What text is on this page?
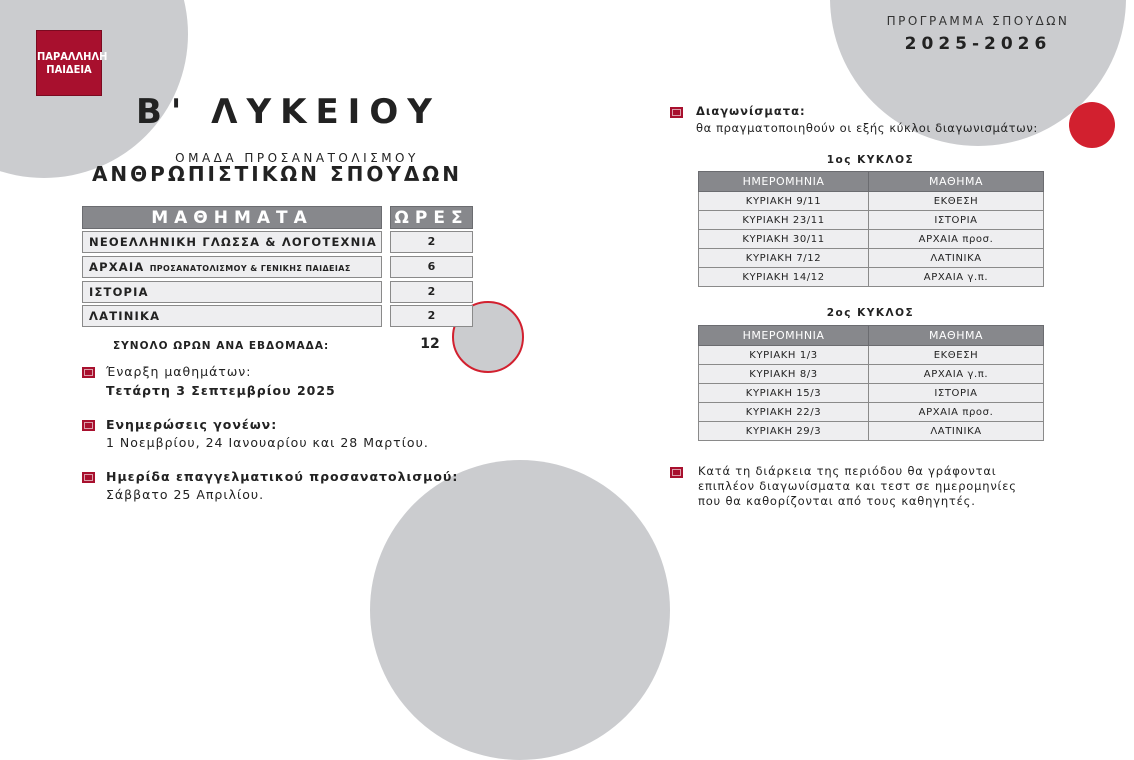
ΠΑΡΑΛΛΗΛΗ
ΠΑΙΔΕΙΑ
Β' ΛΥΚΕΙΟΥ
ΟΜΑΔΑ ΠΡΟΣΑΝΑΤΟΛΙΣΜΟΥ
ΑΝΘΡΩΠΙΣΤΙΚΩΝ ΣΠΟΥΔΩΝ
ΜΑΘΗΜΑΤΑ	ΩΡΕΣ
ΝΕΟΕΛΛΗΝΙΚΗ ΓΛΩΣΣΑ & ΛΟΓΟΤΕΧΝΙΑ	2
ΑΡΧΑΙΑ ΠΡΟΣΑΝΑΤΟΛΙΣΜΟΥ & ΓΕΝΙΚΗΣ ΠΑΙΔΕΙΑΣ	6
ΙΣΤΟΡΙΑ	2
ΛΑΤΙΝΙΚΑ	2
ΣΥΝΟΛΟ ΩΡΩΝ ΑΝΑ ΕΒΔΟΜΑΔΑ:	12
Έναρξη μαθημάτων:
Τετάρτη 3 Σεπτεμβρίου 2025
Ενημερώσεις γονέων:
1 Νοεμβρίου, 24 Ιανουαρίου και 28 Μαρτίου.
Ημερίδα επαγγελματικού προσανατολισμού:
Σάββατο 25 Απριλίου.
ΠΡΟΓΡΑΜΜΑ ΣΠΟΥΔΩΝ
2025-2026
Διαγωνίσματα:
θα πραγματοποιηθούν οι εξής κύκλοι διαγωνισμάτων:
1ος ΚΥΚΛΟΣ
ΗΜΕΡΟΜΗΝΙΑ	ΜΑΘΗΜΑ
ΚΥΡΙΑΚΗ 9/11	ΕΚΘΕΣΗ
ΚΥΡΙΑΚΗ 23/11	ΙΣΤΟΡΙΑ
ΚΥΡΙΑΚΗ 30/11	ΑΡΧΑΙΑ προσ.
ΚΥΡΙΑΚΗ 7/12	ΛΑΤΙΝΙΚΑ
ΚΥΡΙΑΚΗ 14/12	ΑΡΧΑΙΑ γ.π.
2ος ΚΥΚΛΟΣ
ΗΜΕΡΟΜΗΝΙΑ	ΜΑΘΗΜΑ
ΚΥΡΙΑΚΗ 1/3	ΕΚΘΕΣΗ
ΚΥΡΙΑΚΗ 8/3	ΑΡΧΑΙΑ γ.π.
ΚΥΡΙΑΚΗ 15/3	ΙΣΤΟΡΙΑ
ΚΥΡΙΑΚΗ 22/3	ΑΡΧΑΙΑ προσ.
ΚΥΡΙΑΚΗ 29/3	ΛΑΤΙΝΙΚΑ
Κατά τη διάρκεια της περιόδου θα γράφονται
επιπλέον διαγωνίσματα και τεστ σε ημερομηνίες
που θα καθορίζονται από τους καθηγητές.
